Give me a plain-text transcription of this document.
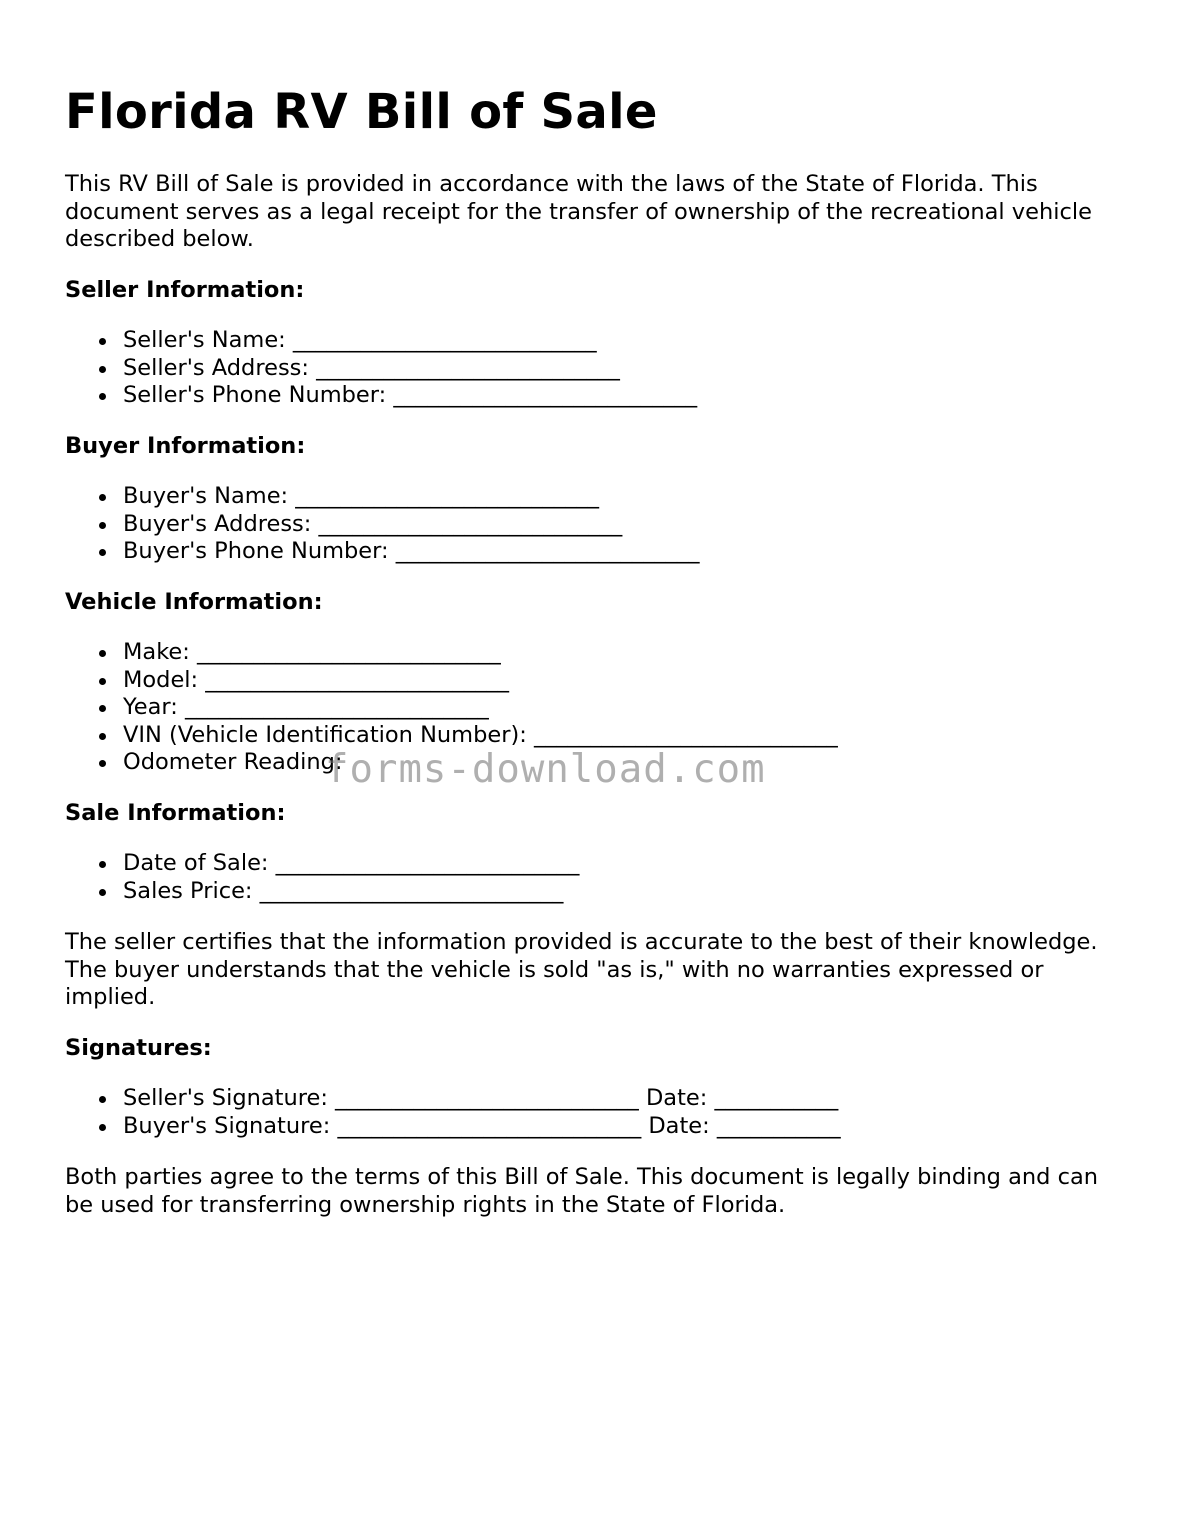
Florida RV Bill of Sale

This RV Bill of Sale is provided in accordance with the laws of the State of Florida. This document serves as a legal receipt for the transfer of ownership of the recreational vehicle described below.

Seller Information:

Seller's Name: ___________________________
Seller's Address: ___________________________
Seller's Phone Number: ___________________________

Buyer Information:

Buyer's Name: ___________________________
Buyer's Address: ___________________________
Buyer's Phone Number: ___________________________

Vehicle Information:

Make: ___________________________
Model: ___________________________
Year: ___________________________
VIN (Vehicle Identification Number): ___________________________
Odometer Reading:

Sale Information:

Date of Sale: ___________________________
Sales Price: ___________________________

The seller certifies that the information provided is accurate to the best of their knowledge. The buyer understands that the vehicle is sold "as is," with no warranties expressed or implied.

Signatures:

Seller's Signature: ___________________________ Date: ___________
Buyer's Signature: ___________________________ Date: ___________

Both parties agree to the terms of this Bill of Sale. This document is legally binding and can be used for transferring ownership rights in the State of Florida.

forms-download.com
